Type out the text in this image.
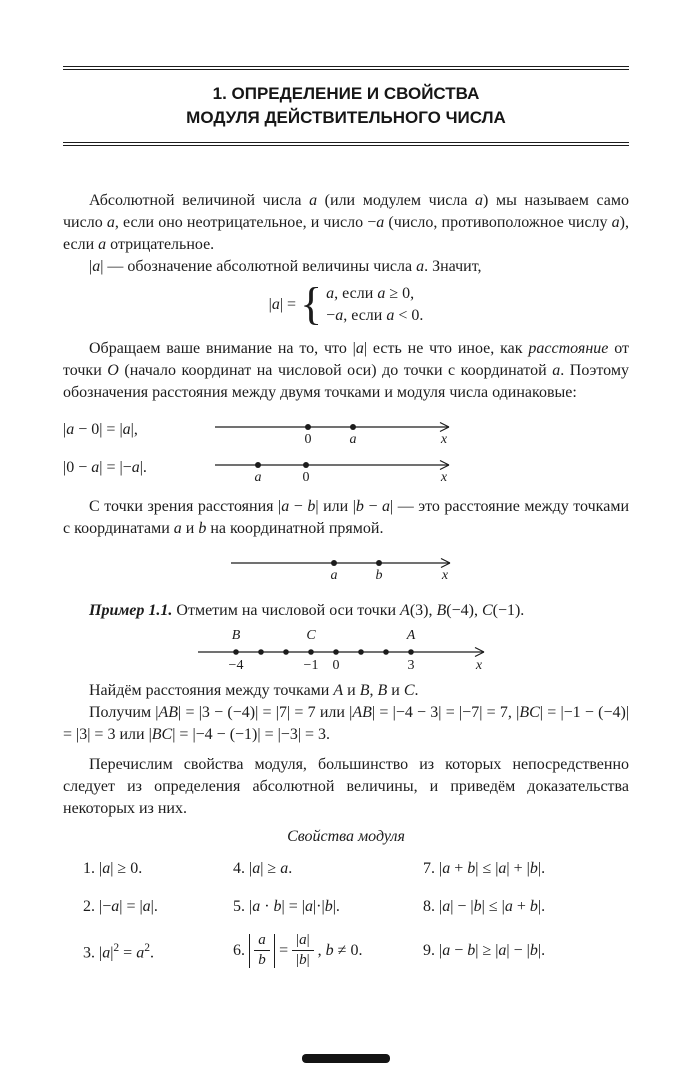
1. ОПРЕДЕЛЕНИЕ И СВОЙСТВА
МОДУЛЯ ДЕЙСТВИТЕЛЬНОГО ЧИСЛА

Абсолютной величиной числа a (или модулем числа a) мы называем само число a, если оно неотрицательное, и число −a (число, противоположное числу a), если a отрицательное.

|a| — обозначение абсолютной величины числа a. Значит,

|a| = { a, если a ≥ 0,
−a, если a < 0.

Обращаем ваше внимание на то, что |a| есть не что иное, как расстояние от точки O (начало координат на числовой оси) до точки с координатой a. Поэтому обозначения расстояния между двумя точками и модуля числа одинаковые:

|a − 0| = |a|,
0	a	x
|0 − a| = |−a|.
a	0	x

С точки зрения расстояния |a − b| или |b − a| — это расстояние между точками с координатами a и b на координатной прямой.

a	b	x

Пример 1.1. Отметим на числовой оси точки A(3), B(−4), C(−1).

B	C	A
−4	−1 0	3	x

Найдём расстояния между точками A и B, B и C.

Получим |AB| = |3 − (−4)| = |7| = 7 или |AB| = |−4 − 3| = |−7| = 7, |BC| = |−1 − (−4)| = |3| = 3 или |BC| = |−4 − (−1)| = |−3| = 3.

Перечислим свойства модуля, большинство из которых непосредственно следует из определения абсолютной величины, и приведём доказательства некоторых из них.

Свойства модуля
1. |a| ≥ 0.	4. |a| ≥ a.	7. |a + b| ≤ |a| + |b|.
2. |−a| = |a|.	5. |a · b| = |a|·|b|.	8. |a| − |b| ≤ |a + b|.
3. $|a|^2 = a^2$.	6. $\frac{a}{b} = \frac{|a|}{|b|}$ , b ≠ 0.	9. |a − b| ≥ |a| − |b|.
